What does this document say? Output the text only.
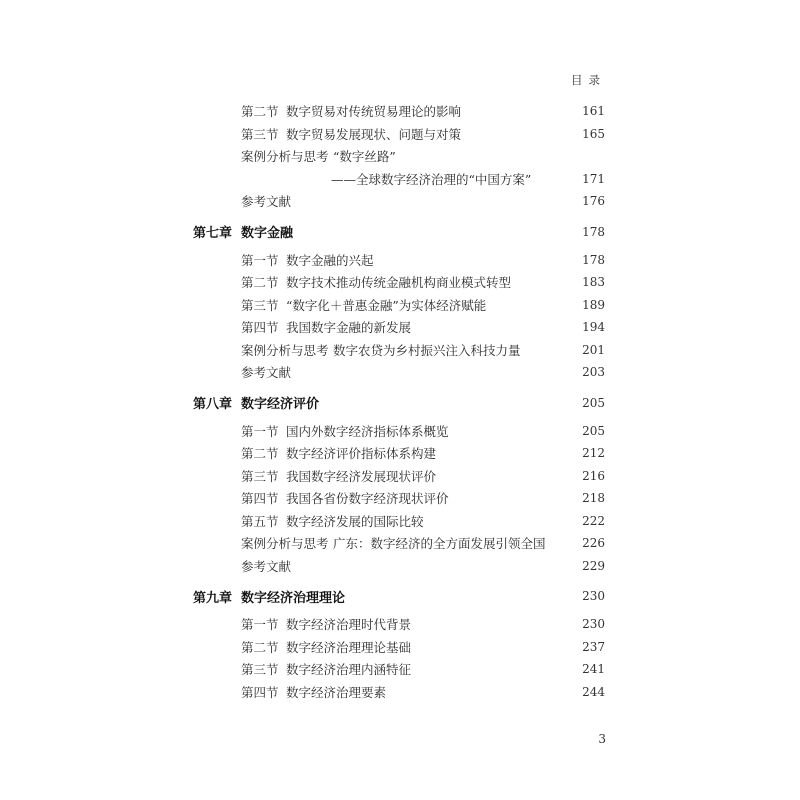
目录
第二节 数字贸易对传统贸易理论的影响	161
第三节 数字贸易发展现状、问题与对策	165
案例分析与思考 “数字丝路”
——全球数字经济治理的“中国方案”	171
参考文献	176
第七章 数字金融	178
第一节 数字金融的兴起	178
第二节 数字技术推动传统金融机构商业模式转型	183
第三节 “数字化＋普惠金融”为实体经济赋能	189
第四节 我国数字金融的新发展	194
案例分析与思考 数字农贷为乡村振兴注入科技力量	201
参考文献	203
第八章 数字经济评价	205
第一节 国内外数字经济指标体系概览	205
第二节 数字经济评价指标体系构建	212
第三节 我国数字经济发展现状评价	216
第四节 我国各省份数字经济现状评价	218
第五节 数字经济发展的国际比较	222
案例分析与思考 广东：数字经济的全方面发展引领全国	226
参考文献	229
第九章 数字经济治理理论	230
第一节 数字经济治理时代背景	230
第二节 数字经济治理理论基础	237
第三节 数字经济治理内涵特征	241
第四节 数字经济治理要素	244
3
